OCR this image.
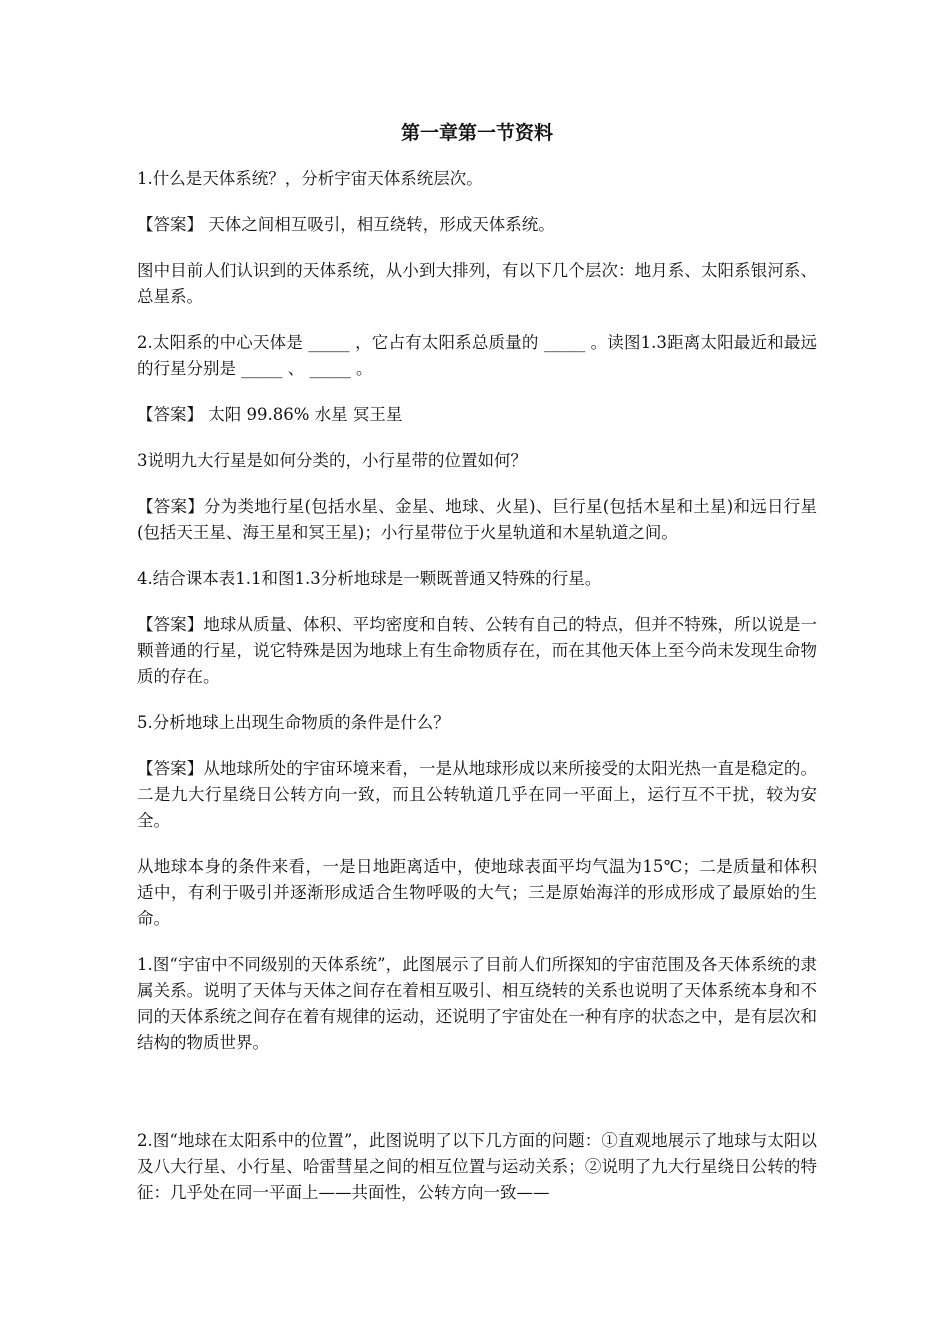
第一章第一节资料

1.什么是天体系统？，分析宇宙天体系统层次。

【答案】 天体之间相互吸引，相互绕转，形成天体系统。

图中目前人们认识到的天体系统，从小到大排列，有以下几个层次：地月系、太阳系银河系、总星系。

2.太阳系的中心天体是 _____ ，它占有太阳系总质量的 _____ 。读图1.3距离太阳最近和最远的行星分别是 _____ 、 _____ 。

【答案】 太阳 99.86% 水星 冥王星

3说明九大行星是如何分类的，小行星带的位置如何？

【答案】分为类地行星(包括水星、金星、地球、火星)、巨行星(包括木星和土星)和远日行星(包括天王星、海王星和冥王星)；小行星带位于火星轨道和木星轨道之间。

4.结合课本表1.1和图1.3分析地球是一颗既普通又特殊的行星。

【答案】地球从质量、体积、平均密度和自转、公转有自己的特点，但并不特殊，所以说是一颗普通的行星，说它特殊是因为地球上有生命物质存在，而在其他天体上至今尚未发现生命物质的存在。

5.分析地球上出现生命物质的条件是什么？

【答案】从地球所处的宇宙环境来看，一是从地球形成以来所接受的太阳光热一直是稳定的。二是九大行星绕日公转方向一致，而且公转轨道几乎在同一平面上，运行互不干扰，较为安全。

从地球本身的条件来看，一是日地距离适中，使地球表面平均气温为15℃；二是质量和体积适中，有利于吸引并逐渐形成适合生物呼吸的大气；三是原始海洋的形成形成了最原始的生命。

1.图“宇宙中不同级别的天体系统”，此图展示了目前人们所探知的宇宙范围及各天体系统的隶属关系。说明了天体与天体之间存在着相互吸引、相互绕转的关系也说明了天体系统本身和不同的天体系统之间存在着有规律的运动，还说明了宇宙处在一种有序的状态之中，是有层次和结构的物质世界。

2.图“地球在太阳系中的位置”，此图说明了以下几方面的问题：①直观地展示了地球与太阳以及八大行星、小行星、哈雷彗星之间的相互位置与运动关系；②说明了九大行星绕日公转的特征：几乎处在同一平面上——共面性，公转方向一致——
